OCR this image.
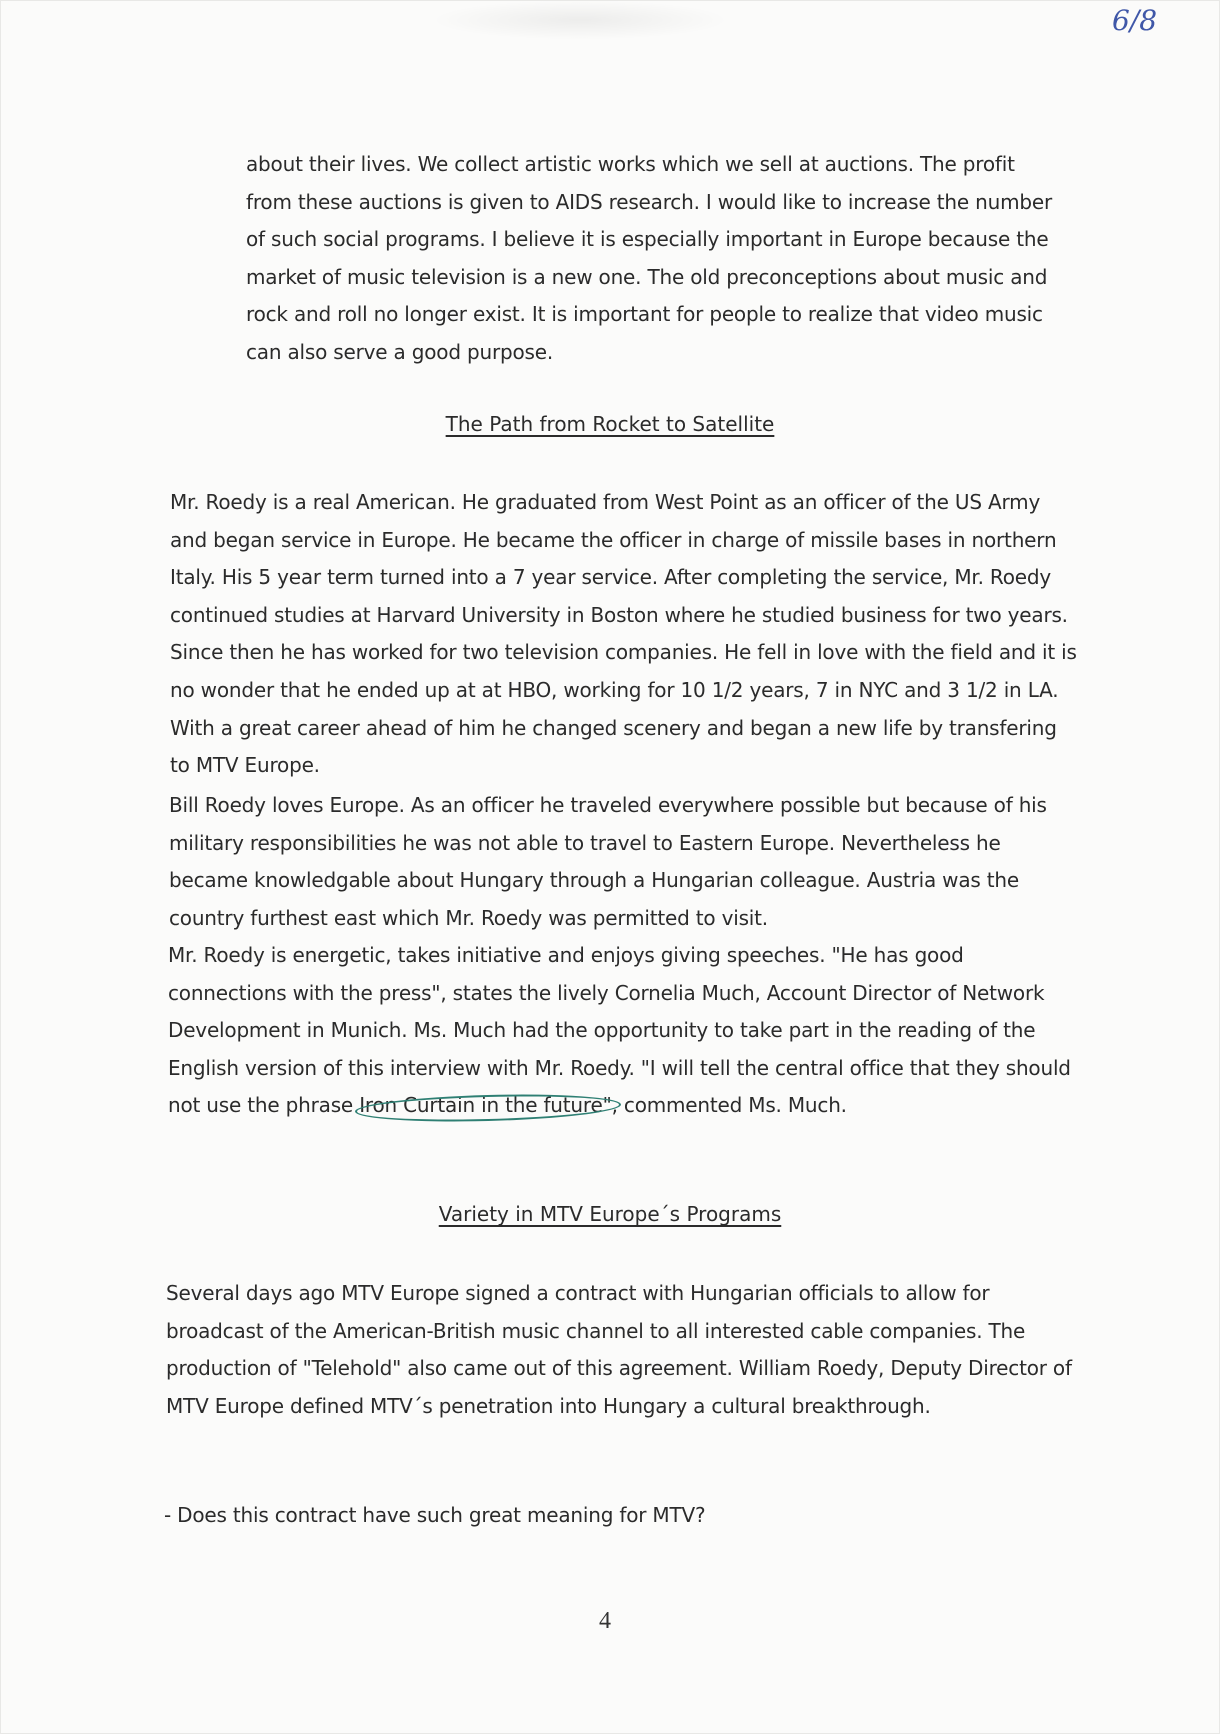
6/8

about their lives. We collect artistic works which we sell at auctions. The profit from these auctions is given to AIDS research. I would like to increase the number of such social programs. I believe it is especially important in Europe because the market of music television is a new one. The old preconceptions about music and rock and roll no longer exist. It is important for people to realize that video music can also serve a good purpose.

The Path from Rocket to Satellite

Mr. Roedy is a real American. He graduated from West Point as an officer of the US Army and began service in Europe. He became the officer in charge of missile bases in northern Italy. His 5 year term turned into a 7 year service. After completing the service, Mr. Roedy continued studies at Harvard University in Boston where he studied business for two years. Since then he has worked for two television companies. He fell in love with the field and it is no wonder that he ended up at at HBO, working for 10 1/2 years, 7 in NYC and 3 1/2 in LA. With a great career ahead of him he changed scenery and began a new life by transfering to MTV Europe.

Bill Roedy loves Europe. As an officer he traveled everywhere possible but because of his military responsibilities he was not able to travel to Eastern Europe. Nevertheless he became knowledgable about Hungary through a Hungarian colleague. Austria was the country furthest east which Mr. Roedy was permitted to visit.

Mr. Roedy is energetic, takes initiative and enjoys giving speeches. "He has good connections with the press", states the lively Cornelia Much, Account Director of Network Development in Munich. Ms. Much had the opportunity to take part in the reading of the English version of this interview with Mr. Roedy. "I will tell the central office that they should not use the phrase Iron Curtain in the future", commented Ms. Much.

Variety in MTV Europe´s Programs

Several days ago MTV Europe signed a contract with Hungarian officials to allow for broadcast of the American-British music channel to all interested cable companies. The production of "Telehold" also came out of this agreement. William Roedy, Deputy Director of MTV Europe defined MTV´s penetration into Hungary a cultural breakthrough.

- Does this contract have such great meaning for MTV?

4
